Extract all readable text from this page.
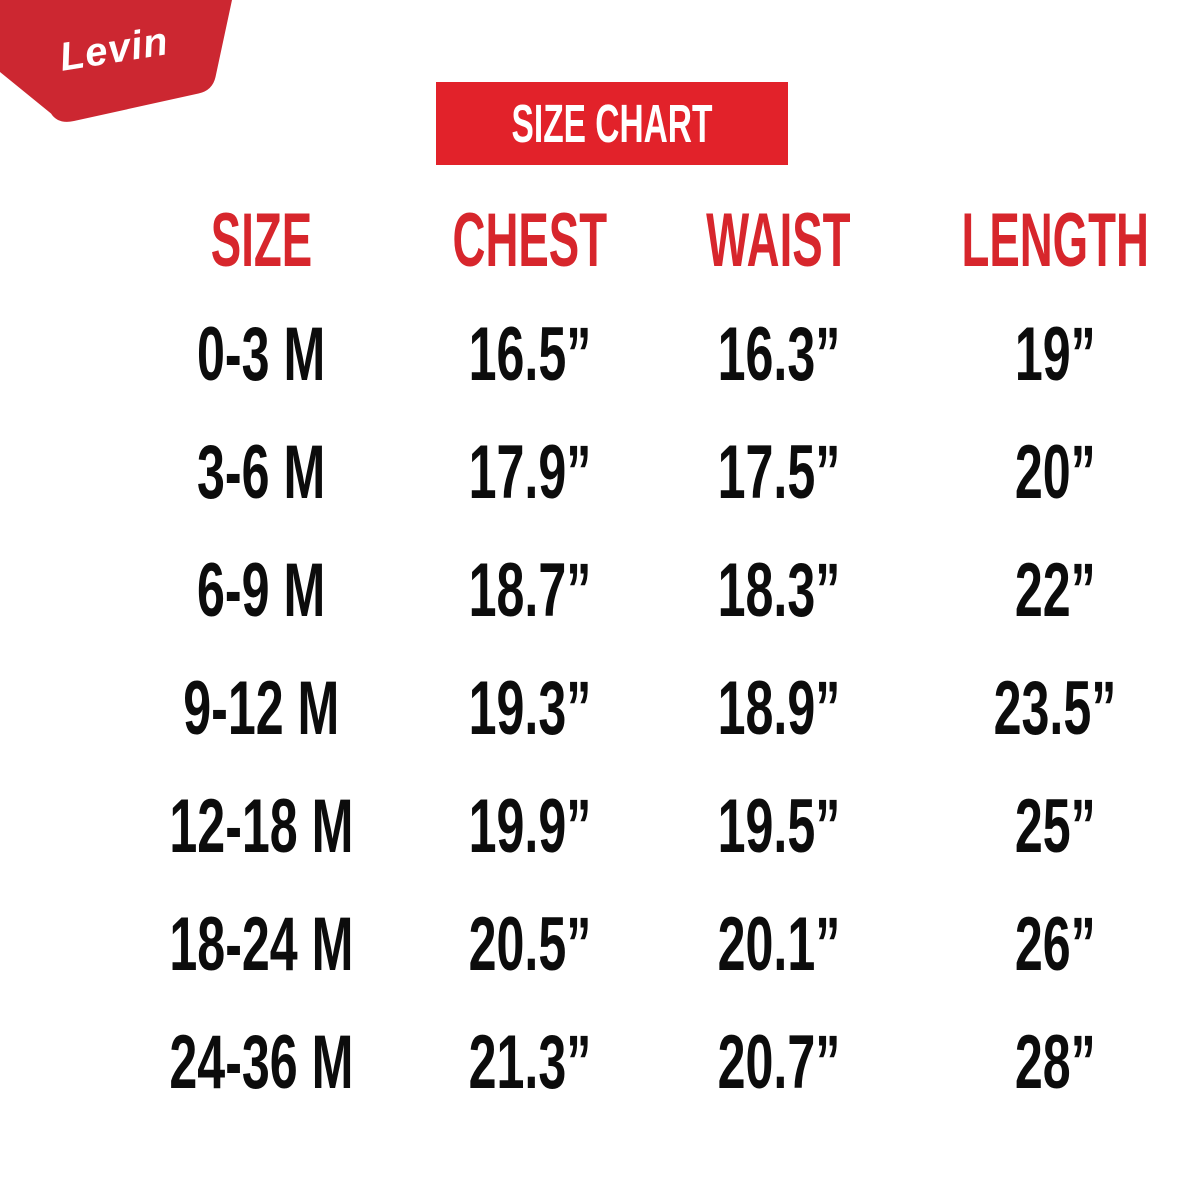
Levin
SIZE CHART
SIZE CHEST WAIST LENGTH
0-3 M 16.5” 16.3” 19”
3-6 M 17.9” 17.5” 20”
6-9 M 18.7” 18.3” 22”
9-12 M 19.3” 18.9” 23.5”
12-18 M 19.9” 19.5” 25”
18-24 M 20.5” 20.1” 26”
24-36 M 21.3” 20.7” 28”
